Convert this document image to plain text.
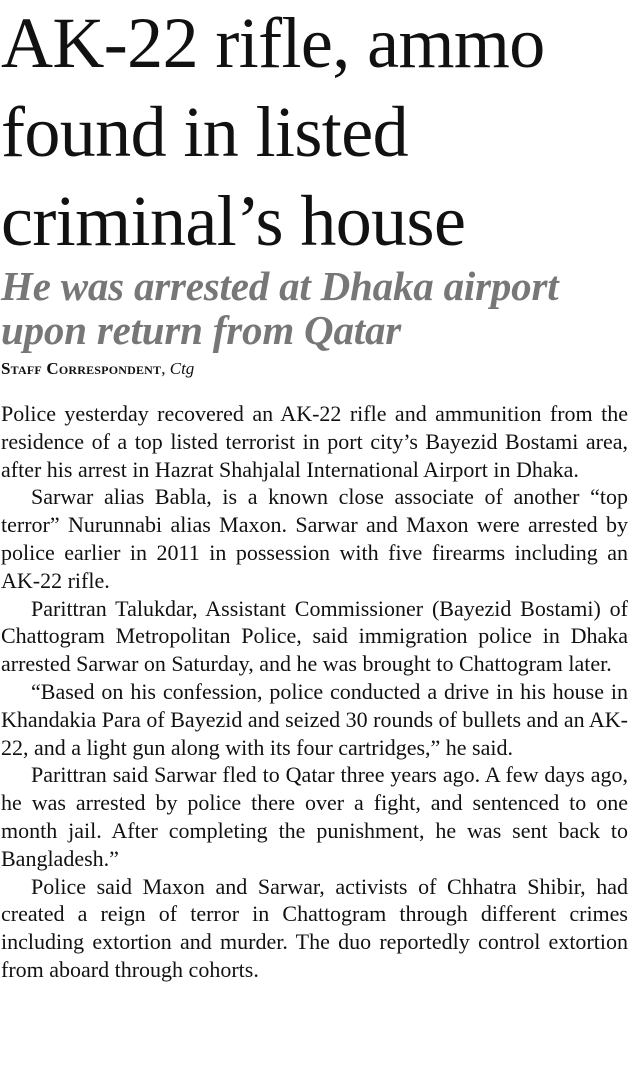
AK-22 rifle, ammo found in listed criminal’s house
He was arrested at Dhaka airport upon return from Qatar
Staff Correspondent, Ctg

Police yesterday recovered an AK-22 rifle and ammunition from the residence of a top listed terrorist in port city’s Bayezid Bostami area, after his arrest in Hazrat Shahjalal International Airport in Dhaka.

Sarwar alias Babla, is a known close associate of another “top terror” Nurunnabi alias Maxon. Sarwar and Maxon were arrested by police earlier in 2011 in possession with five firearms including an AK-22 rifle.

Parittran Talukdar, Assistant Commissioner (Bayezid Bostami) of Chattogram Metropolitan Police, said immigration police in Dhaka arrested Sarwar on Saturday, and he was brought to Chattogram later.

“Based on his confession, police conducted a drive in his house in Khandakia Para of Bayezid and seized 30 rounds of bullets and an AK-22, and a light gun along with its four cartridges,” he said.

Parittran said Sarwar fled to Qatar three years ago. A few days ago, he was arrested by police there over a fight, and sentenced to one month jail. After completing the punishment, he was sent back to Bangladesh.”

Police said Maxon and Sarwar, activists of Chhatra Shibir, had created a reign of terror in Chattogram through different crimes including extortion and murder. The duo reportedly control extortion from aboard through cohorts.
